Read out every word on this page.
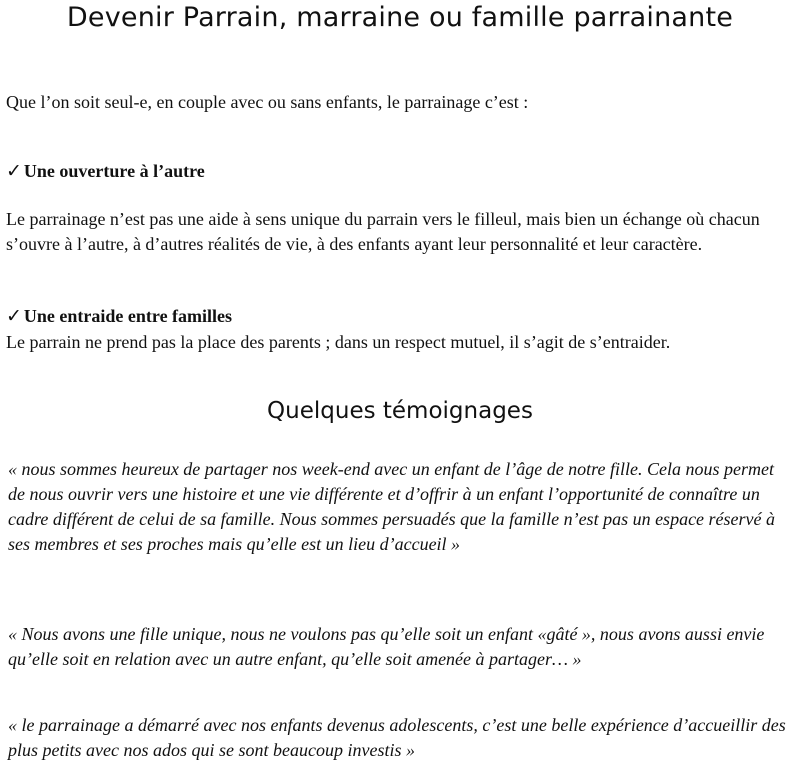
Devenir Parrain, marraine ou famille parrainante

Que l’on soit seul-e, en couple avec ou sans enfants, le parrainage c’est :

✓ Une ouverture à l’autre

Le parrainage n’est pas une aide à sens unique du parrain vers le filleul, mais bien un échange où chacun s’ouvre à l’autre, à d’autres réalités de vie, à des enfants ayant leur personnalité et leur caractère.

✓ Une entraide entre familles

Le parrain ne prend pas la place des parents ; dans un respect mutuel, il s’agit de s’entraider.

Quelques témoignages

« nous sommes heureux de partager nos week-end avec un enfant de l’âge de notre fille. Cela nous permet de nous ouvrir vers une histoire et une vie différente et d’offrir à un enfant l’opportunité de connaître un cadre différent de celui de sa famille. Nous sommes persuadés que la famille n’est pas un espace réservé à ses membres et ses proches mais qu’elle est un lieu d’accueil »

« Nous avons une fille unique, nous ne voulons pas qu’elle soit un enfant «gâté », nous avons aussi envie qu’elle soit en relation avec un autre enfant, qu’elle soit amenée à partager… »

« le parrainage a démarré avec nos enfants devenus adolescents, c’est une belle expérience d’accueillir des plus petits avec nos ados qui se sont beaucoup investis »
